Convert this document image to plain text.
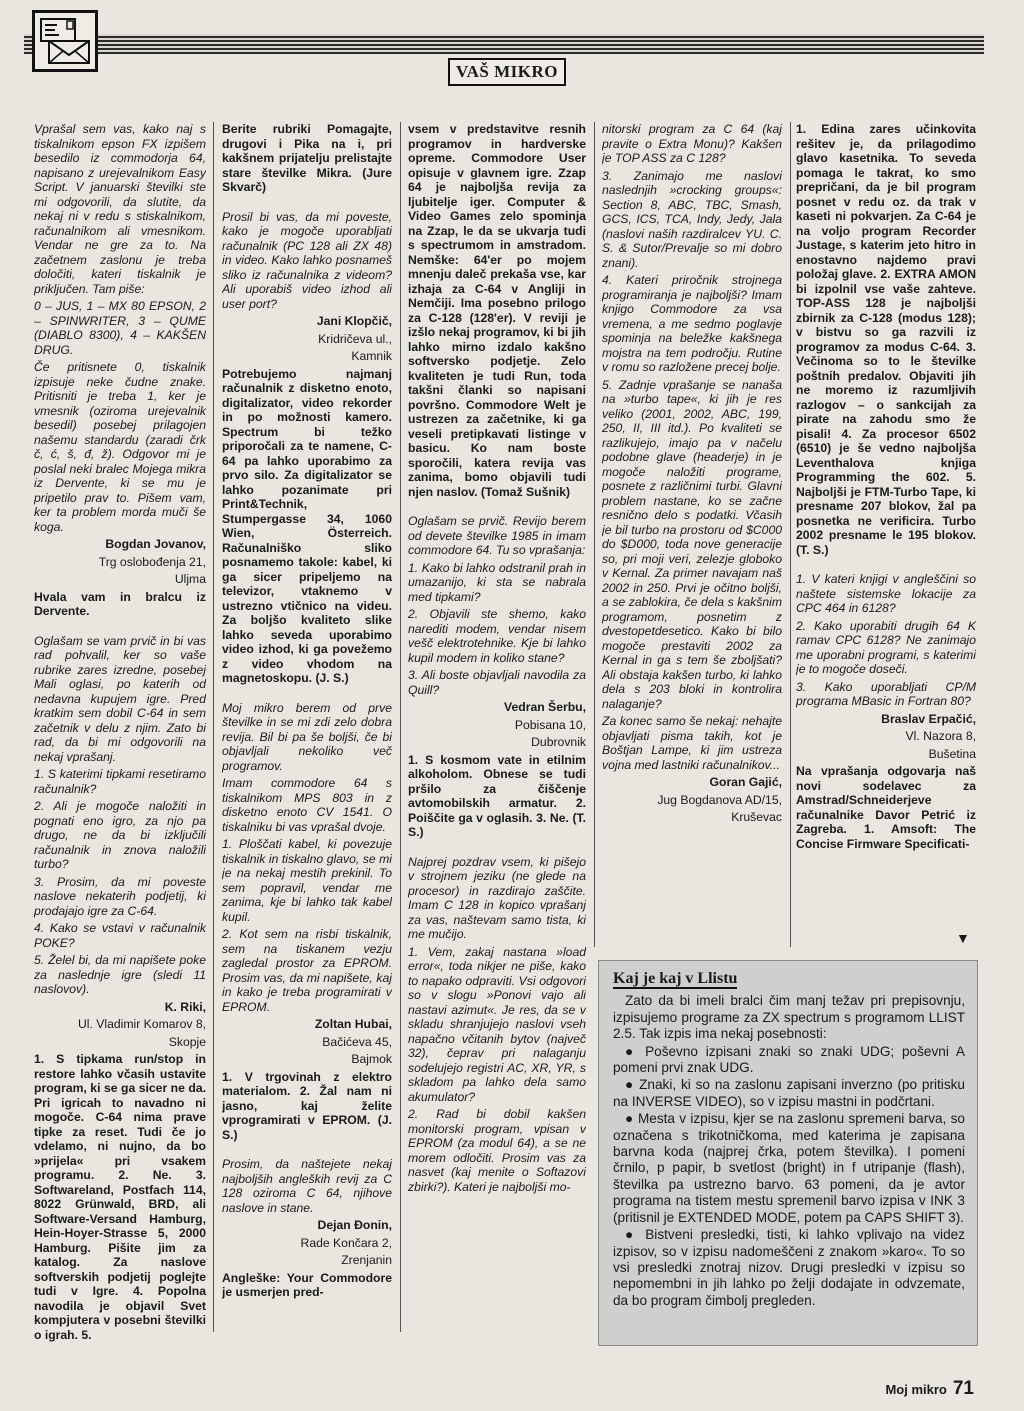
VAŠ MIKRO

Vprašal sem vas, kako naj s tiskalnikom epson FX izpišem besedilo iz commodorja 64, napisano z urejevalnikom Easy Script. V januarski številki ste mi odgovorili, da slutite, da nekaj ni v redu s stiskalnikom, računalnikom ali vmesnikom. Vendar ne gre za to. Na začetnem zaslonu je treba določiti, kateri tiskalnik je priključen. Tam piše:

0 – JUS, 1 – MX 80 EPSON, 2 – SPINWRITER, 3 – QUME (DIABLO 8300), 4 – KAKŠEN DRUG.

Če pritisnete 0, tiskalnik izpisuje neke čudne znake. Pritisniti je treba 1, ker je vmesnik (oziroma urejevalnik besedil) posebej prilagojen našemu standardu (zaradi črk č, ć, š, đ, ž). Odgovor mi je poslal neki bralec Mojega mikra iz Dervente, ki se mu je pripetilo prav to. Pišem vam, ker ta problem morda muči še koga.

Bogdan Jovanov,

Trg oslobođenja 21,

Uljma

Hvala vam in bralcu iz Dervente.

Oglašam se vam prvič in bi vas rad pohvalil, ker so vaše rubrike zares izredne, posebej Mali oglasi, po katerih od nedavna kupujem igre. Pred kratkim sem dobil C-64 in sem začetnik v delu z njim. Zato bi rad, da bi mi odgovorili na nekaj vprašanj.

1. S katerimi tipkami resetiramo računalnik?

2. Ali je mogoče naložiti in pognati eno igro, za njo pa drugo, ne da bi izključili računalnik in znova naložili turbo?

3. Prosim, da mi poveste naslove nekaterih podjetij, ki prodajajo igre za C-64.

4. Kako se vstavi v računalnik POKE?

5. Želel bi, da mi napišete poke za naslednje igre (sledi 11 naslovov).

K. Riki,

Ul. Vladimir Komarov 8,

Skopje

1. S tipkama run/stop in restore lahko včasih ustavite program, ki se ga sicer ne da. Pri igricah to navadno ni mogoče. C-64 nima prave tipke za reset. Tudi če jo vdelamo, ni nujno, da bo »prijela« pri vsakem programu. 2. Ne. 3. Softwareland, Postfach 114, 8022 Grünwald, BRD, ali Software-Versand Hamburg, Hein-Hoyer-Strasse 5, 2000 Hamburg. Pišite jim za katalog. Za naslove softverskih podjetij poglejte tudi v Igre. 4. Popolna navodila je objavil Svet kompjutera v posebni številki o igrah. 5.

Berite rubriki Pomagajte, drugovi i Pika na i, pri kakšnem prijatelju prelistajte stare številke Mikra. (Jure Skvarč)

Prosil bi vas, da mi poveste, kako je mogoče uporabljati računalnik (PC 128 ali ZX 48) in video. Kako lahko posnameš sliko iz računalnika z videom? Ali uporabiš video izhod ali user port?

Jani Klopčič,

Kridričeva ul.,

Kamnik

Potrebujemo najmanj računalnik z disketno enoto, digitalizator, video rekorder in po možnosti kamero. Spectrum bi težko priporočali za te namene, C-64 pa lahko uporabimo za prvo silo. Za digitalizator se lahko pozanimate pri Print&Technik, Stumpergasse 34, 1060 Wien, Österreich. Računalniško sliko posnamemo takole: kabel, ki ga sicer pripeljemo na televizor, vtaknemo v ustrezno vtičnico na videu. Za boljšo kvaliteto slike lahko seveda uporabimo video izhod, ki ga povežemo z video vhodom na magnetoskopu. (J. S.)

Moj mikro berem od prve številke in se mi zdi zelo dobra revija. Bil bi pa še boljši, če bi objavljali nekoliko več programov.

Imam commodore 64 s tiskalnikom MPS 803 in z disketno enoto CV 1541. O tiskalniku bi vas vprašal dvoje.

1. Ploščati kabel, ki povezuje tiskalnik in tiskalno glavo, se mi je na nekaj mestih prekinil. To sem popravil, vendar me zanima, kje bi lahko tak kabel kupil.

2. Kot sem na risbi tiskalnik, sem na tiskanem vezju zagledal prostor za EPROM. Prosim vas, da mi napišete, kaj in kako je treba programirati v EPROM.

Zoltan Hubai,

Bačićeva 45,

Bajmok

1. V trgovinah z elektro materialom. 2. Žal nam ni jasno, kaj želite vprogramirati v EPROM. (J. S.)

Prosim, da naštejete nekaj najboljših angleških revij za C 128 oziroma C 64, njihove naslove in stane.

Dejan Đonin,

Rade Končara 2,

Zrenjanin

Angleške: Your Commodore je usmerjen pred-

vsem v predstavitve resnih programov in hardverske opreme. Commodore User opisuje v glavnem igre. Zzap 64 je najboljša revija za ljubitelje iger. Computer & Video Games zelo spominja na Zzap, le da se ukvarja tudi s spectrumom in amstradom. Nemške: 64'er po mojem mnenju daleč prekaša vse, kar izhaja za C-64 v Angliji in Nemčiji. Ima posebno prilogo za C-128 (128'er). V reviji je izšlo nekaj programov, ki bi jih lahko mirno izdalo kakšno softversko podjetje. Zelo kvaliteten je tudi Run, toda takšni članki so napisani površno. Commodore Welt je ustrezen za začetnike, ki ga veseli pretipkavati listinge v basicu. Ko nam boste sporočili, katera revija vas zanima, bomo objavili tudi njen naslov. (Tomaž Sušnik)

Oglašam se prvič. Revijo berem od devete številke 1985 in imam commodore 64. Tu so vprašanja:

1. Kako bi lahko odstranil prah in umazanijo, ki sta se nabrala med tipkami?

2. Objavili ste shemo, kako narediti modem, vendar nisem vešč elektrotehnike. Kje bi lahko kupil modem in koliko stane?

3. Ali boste objavljali navodila za Quill?

Vedran Šerbu,

Pobisana 10,

Dubrovnik

1. S kosmom vate in etilnim alkoholom. Obnese se tudi pršilo za čiščenje avtomobilskih armatur. 2. Poiščite ga v oglasih. 3. Ne. (T. S.)

Najprej pozdrav vsem, ki pišejo v strojnem jeziku (ne glede na procesor) in razdirajo zaščite. Imam C 128 in kopico vprašanj za vas, naštevam samo tista, ki me mučijo.

1. Vem, zakaj nastana »load error«, toda nikjer ne piše, kako to napako odpraviti. Vsi odgovori so v slogu »Ponovi vajo ali nastavi azimut«. Je res, da se v skladu shranjujejo naslovi vseh napačno včitanih bytov (največ 32), čeprav pri nalaganju sodelujejo registri AC, XR, YR, s skladom pa lahko dela samo akumulator?

2. Rad bi dobil kakšen monitorski program, vpisan v EPROM (za modul 64), a se ne morem odločiti. Prosim vas za nasvet (kaj menite o Softazovi zbirki?). Kateri je najboljši mo-

nitorski program za C 64 (kaj pravite o Extra Monu)? Kakšen je TOP ASS za C 128?

3. Zanimajo me naslovi naslednjih »crocking groups«: Section 8, ABC, TBC, Smash, GCS, ICS, TCA, Indy, Jedy, Jala (naslovi naših razdiralcev YU. C. S. & Sutor/Prevalje so mi dobro znani).

4. Kateri priročnik strojnega programiranja je najboljši? Imam knjigo Commodore za vsa vremena, a me sedmo poglavje spominja na beležke kakšnega mojstra na tem področju. Rutine v romu so razložene precej bolje.

5. Zadnje vprašanje se nanaša na »turbo tape«, ki jih je res veliko (2001, 2002, ABC, 199, 250, II, III itd.). Po kvaliteti se razlikujejo, imajo pa v načelu podobne glave (headerje) in je mogoče naložiti programe, posnete z različnimi turbi. Glavni problem nastane, ko se začne resnično delo s podatki. Včasih je bil turbo na prostoru od $C000 do $D000, toda nove generacije so, pri moji veri, zelezje globoko v Kernal. Za primer navajam naš 2002 in 250. Prvi je očitno boljši, a se zablokira, če dela s kakšnim programom, posnetim z dvestopetdesetico. Kako bi bilo mogoče prestaviti 2002 za Kernal in ga s tem še zboljšati? Ali obstaja kakšen turbo, ki lahko dela s 203 bloki in kontrolira nalaganje?

Za konec samo še nekaj: nehajte objavljati pisma takih, kot je Boštjan Lampe, ki jim ustreza vojna med lastniki računalnikov...

Goran Gajić,

Jug Bogdanova AD/15,

Kruševac

1. Edina zares učinkovita rešitev je, da prilagodimo glavo kasetnika. To seveda pomaga le takrat, ko smo prepričani, da je bil program posnet v redu oz. da trak v kaseti ni pokvarjen. Za C-64 je na voljo program Recorder Justage, s katerim jeto hitro in enostavno najdemo pravi položaj glave. 2. EXTRA AMON bi izpolnil vse vaše zahteve. TOP-ASS 128 je najboljši zbirnik za C-128 (modus 128); v bistvu so ga razvili iz programov za modus C-64. 3. Večinoma so to le številke poštnih predalov. Objaviti jih ne moremo iz razumljivih razlogov – o sankcijah za pirate na zahodu smo že pisali! 4. Za procesor 6502 (6510) je še vedno najboljša Leventhalova knjiga Programming the 602. 5. Najboljši je FTM-Turbo Tape, ki presname 207 blokov, žal pa posnetka ne verificira. Turbo 2002 presname le 195 blokov. (T. S.)

1. V kateri knjigi v angleščini so naštete sistemske lokacije za CPC 464 in 6128?

2. Kako uporabiti drugih 64 K ramav CPC 6128? Ne zanimajo me uporabni programi, s katerimi je to mogoče doseči.

3. Kako uporabljati CP/M programa MBasic in Fortran 80?

Braslav Erpačić,

Vl. Nazora 8,

Bušetina

Na vprašanja odgovarja naš novi sodelavec za Amstrad/Schneiderjeve računalnike Davor Petrić iz Zagreba. 1. Amsoft: The Concise Firmware Specificati-

▼
Kaj je kaj v Llistu

Zato da bi imeli bralci čim manj težav pri prepisovnju, izpisujemo programe za ZX spectrum s programom LLIST 2.5. Tak izpis ima nekaj posebnosti:

● Poševno izpisani znaki so znaki UDG; poševni A pomeni prvi znak UDG.

● Znaki, ki so na zaslonu zapisani inverzno (po pritisku na INVERSE VIDEO), so v izpisu mastni in podčrtani.

● Mesta v izpisu, kjer se na zaslonu spremeni barva, so označena s trikotničkoma, med katerima je zapisana barvna koda (najprej črka, potem številka). I pomeni črnilo, p papir, b svetlost (bright) in f utripanje (flash), številka pa ustrezno barvo. 63 pomeni, da je avtor programa na tistem mestu spremenil barvo izpisa v INK 3 (pritisnil je EXTENDED MODE, potem pa CAPS SHIFT 3).

● Bistveni presledki, tisti, ki lahko vplivajo na videz izpisov, so v izpisu nadomeščeni z znakom »karo«. To so vsi presledki znotraj nizov. Drugi presledki v izpisu so nepomembni in jih lahko po želji dodajate in odvzemate, da bo program čimbolj pregleden.

Moj mikro 71
